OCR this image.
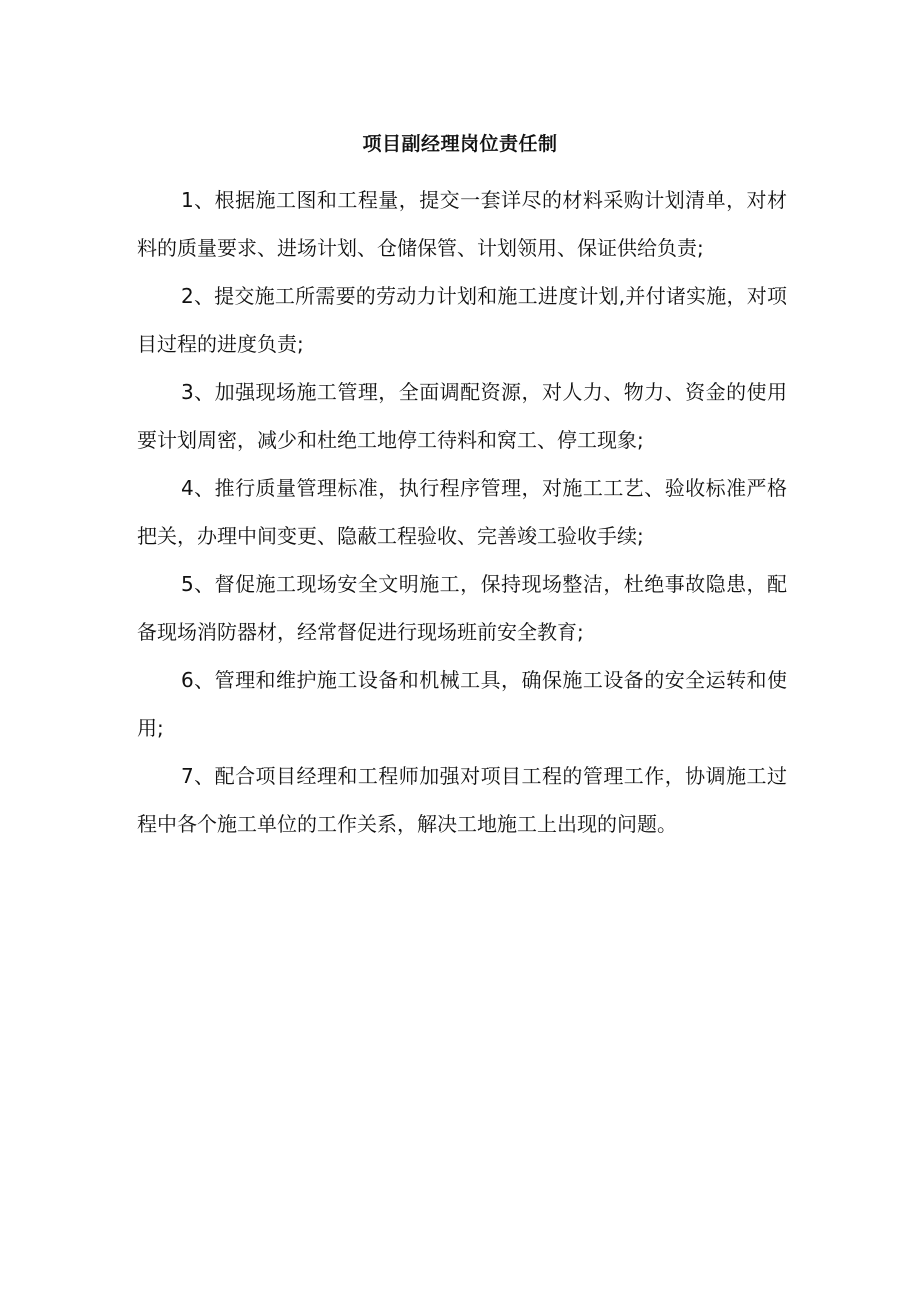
项目副经理岗位责任制

1、根据施工图和工程量，提交一套详尽的材料采购计划清单，对材料的质量要求、进场计划、仓储保管、计划领用、保证供给负责;

2、提交施工所需要的劳动力计划和施工进度计划,并付诸实施，对项目过程的进度负责;

3、加强现场施工管理，全面调配资源，对人力、物力、资金的使用要计划周密，减少和杜绝工地停工待料和窝工、停工现象;

4、推行质量管理标准，执行程序管理，对施工工艺、验收标准严格把关，办理中间变更、隐蔽工程验收、完善竣工验收手续;

5、督促施工现场安全文明施工，保持现场整洁，杜绝事故隐患，配备现场消防器材，经常督促进行现场班前安全教育;

6、管理和维护施工设备和机械工具，确保施工设备的安全运转和使用;

7、配合项目经理和工程师加强对项目工程的管理工作，协调施工过程中各个施工单位的工作关系，解决工地施工上出现的问题。
